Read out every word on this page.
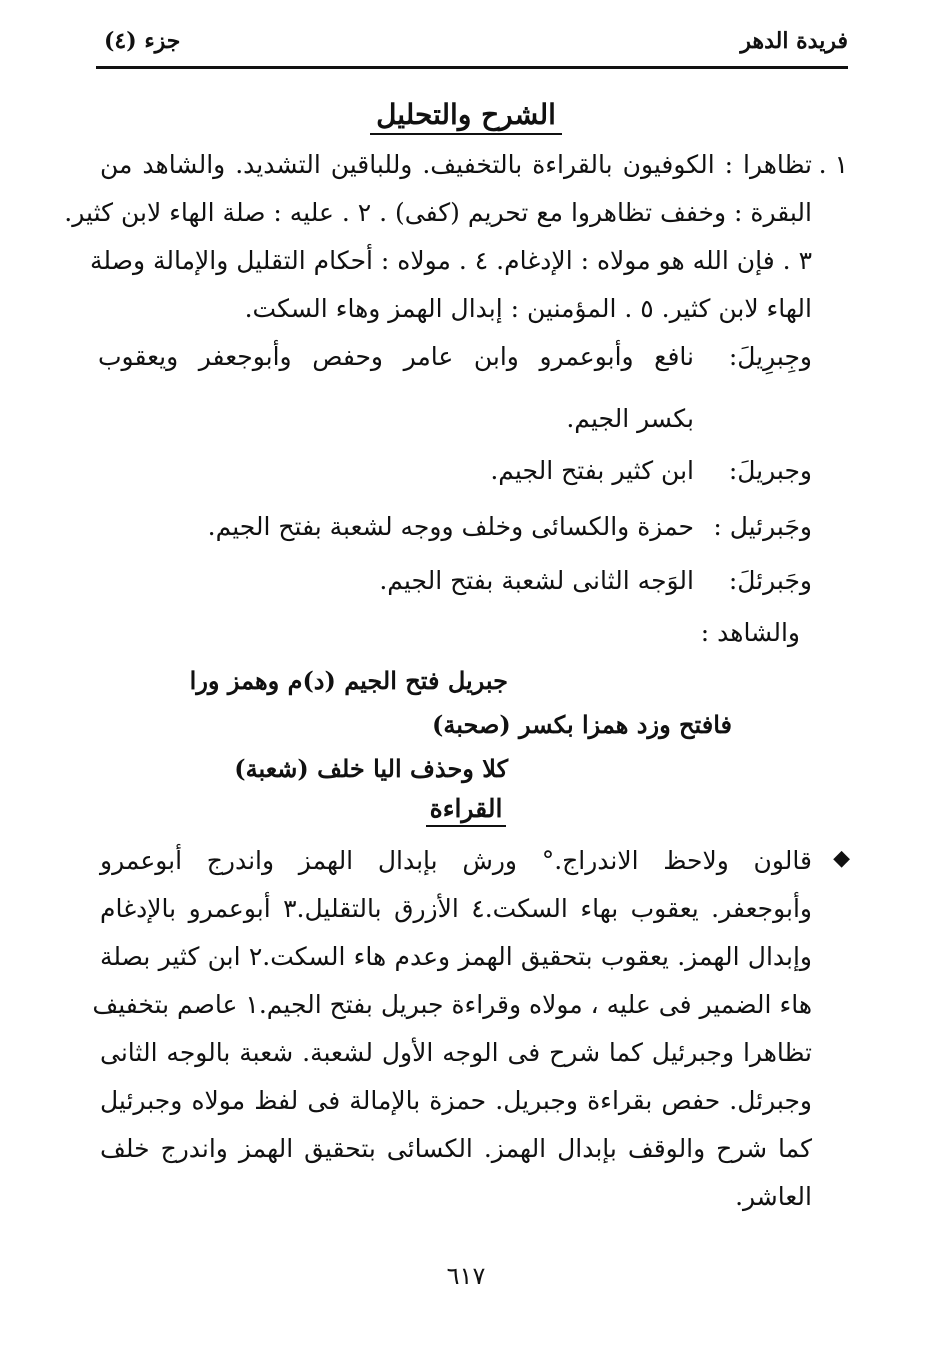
فريدة الدهر
جزء (٤)
الشرح والتحليل
١ .
تظاهرا : الكوفيون بالقراءة بالتخفيف. وللباقين التشديد. والشاهد من
البقرة : وخفف تظاهروا مع تحريم (كفى) . ٢ . عليه : صلة الهاء لابن كثير.
٣ . فإن الله هو مولاه : الإدغام. ٤ . مولاه : أحكام التقليل والإمالة وصلة
الهاء لابن كثير. ٥ . المؤمنين : إبدال الهمز وهاء السكت.
وجِبرِيلَ:
نافع وأبوعمرو وابن عامر وحفص وأبوجعفر ويعقوب
بكسر الجيم.
وجبريلَ:
ابن كثير بفتح الجيم.
وجَبرئيل :
حمزة والكسائى وخلف ووجه لشعبة بفتح الجيم.
وجَبرئلَ:
الوَجه الثانى لشعبة بفتح الجيم.
والشاهد :
جبريل فتح الجيم (د)م وهمز ورا
فافتح وزد همزا بكسر (صحبة)
كلا وحذف اليا خلف (شعبة)
القراءة
◆
قالون ولاحظ الاندراج.° ورش بإبدال الهمز واندرج أبوعمرو
وأبوجعفر. يعقوب بهاء السكت.٤ الأزرق بالتقليل.٣ أبوعمرو بالإدغام
وإبدال الهمز. يعقوب بتحقيق الهمز وعدم هاء السكت.٢ ابن كثير بصلة
هاء الضمير فى عليه ، مولاه وقراءة جبريل بفتح الجيم.١ عاصم بتخفيف
تظاهرا وجبرئيل كما شرح فى الوجه الأول لشعبة. شعبة بالوجه الثانى
وجبرئل. حفص بقراءة وجبريل. حمزة بالإمالة فى لفظ مولاه وجبرئيل
كما شرح والوقف بإبدال الهمز. الكسائى بتحقيق الهمز واندرج خلف
العاشر.
٦١٧
